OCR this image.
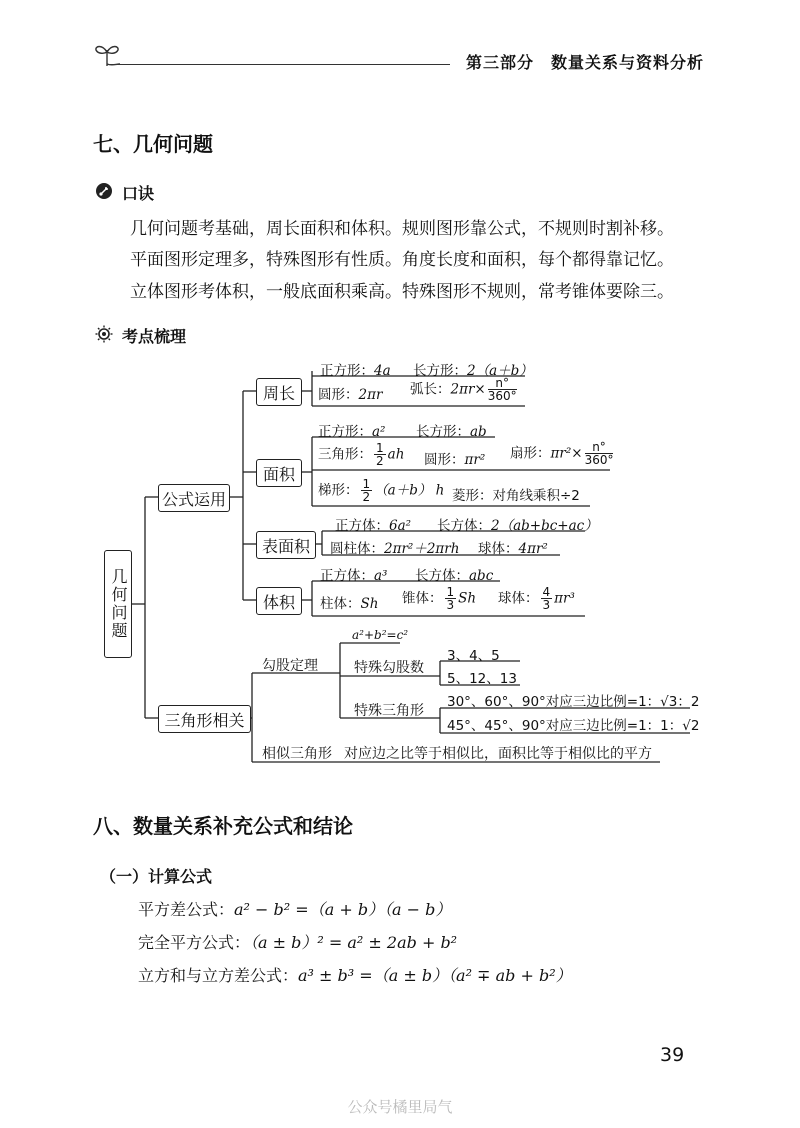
第三部分　数量关系与资料分析
七、几何问题
口诀
几何问题考基础，周长面积和体积。规则图形靠公式，不规则时割补移。
平面图形定理多，特殊图形有性质。角度长度和面积，每个都得靠记忆。
立体图形考体积，一般底面积乘高。特殊图形不规则，常考锥体要除三。
考点梳理
几何问题
公式运用
周长
面积
表面积
体积
三角形相关
正方形：4a 长方形：2（a＋b）
圆形：2πr 弧长：$2\pi r\times \frac{n^\circ}{360^\circ}$
正方形：a² 长方形：ab
三角形： $\frac{1}{2}$ ah 圆形：πr² 扇形：$\pi r^2\times \frac{n^\circ}{360^\circ}$
梯形： $\frac{1}{2} (a+b)$ h 菱形：对角线乘积÷2
正方体：6a² 长方体：2（ab+bc+ac）
圆柱体：2πr²＋2πrh 球体：4πr²
正方体：a³ 长方体：abc
柱体：Sh 锥体： $\frac{1}{3}$ Sh 球体： $\frac{4}{3} \pi r^3$
勾股定理
a²+b²=c²
特殊勾股数
3、4、5
5、12、13
特殊三角形
30°、60°、90°对应三边比例=1：√3：2
45°、45°、90°对应三边比例=1：1：√2
相似三角形 对应边之比等于相似比，面积比等于相似比的平方
八、数量关系补充公式和结论
（一）计算公式
平方差公式：a² − b² =（a + b）（a − b）
完全平方公式：（a ± b）² = a² ± 2ab + b²
立方和与立方差公式：a³ ± b³ =（a ± b）（a² ∓ ab + b²）
39
公众号橘里局气
